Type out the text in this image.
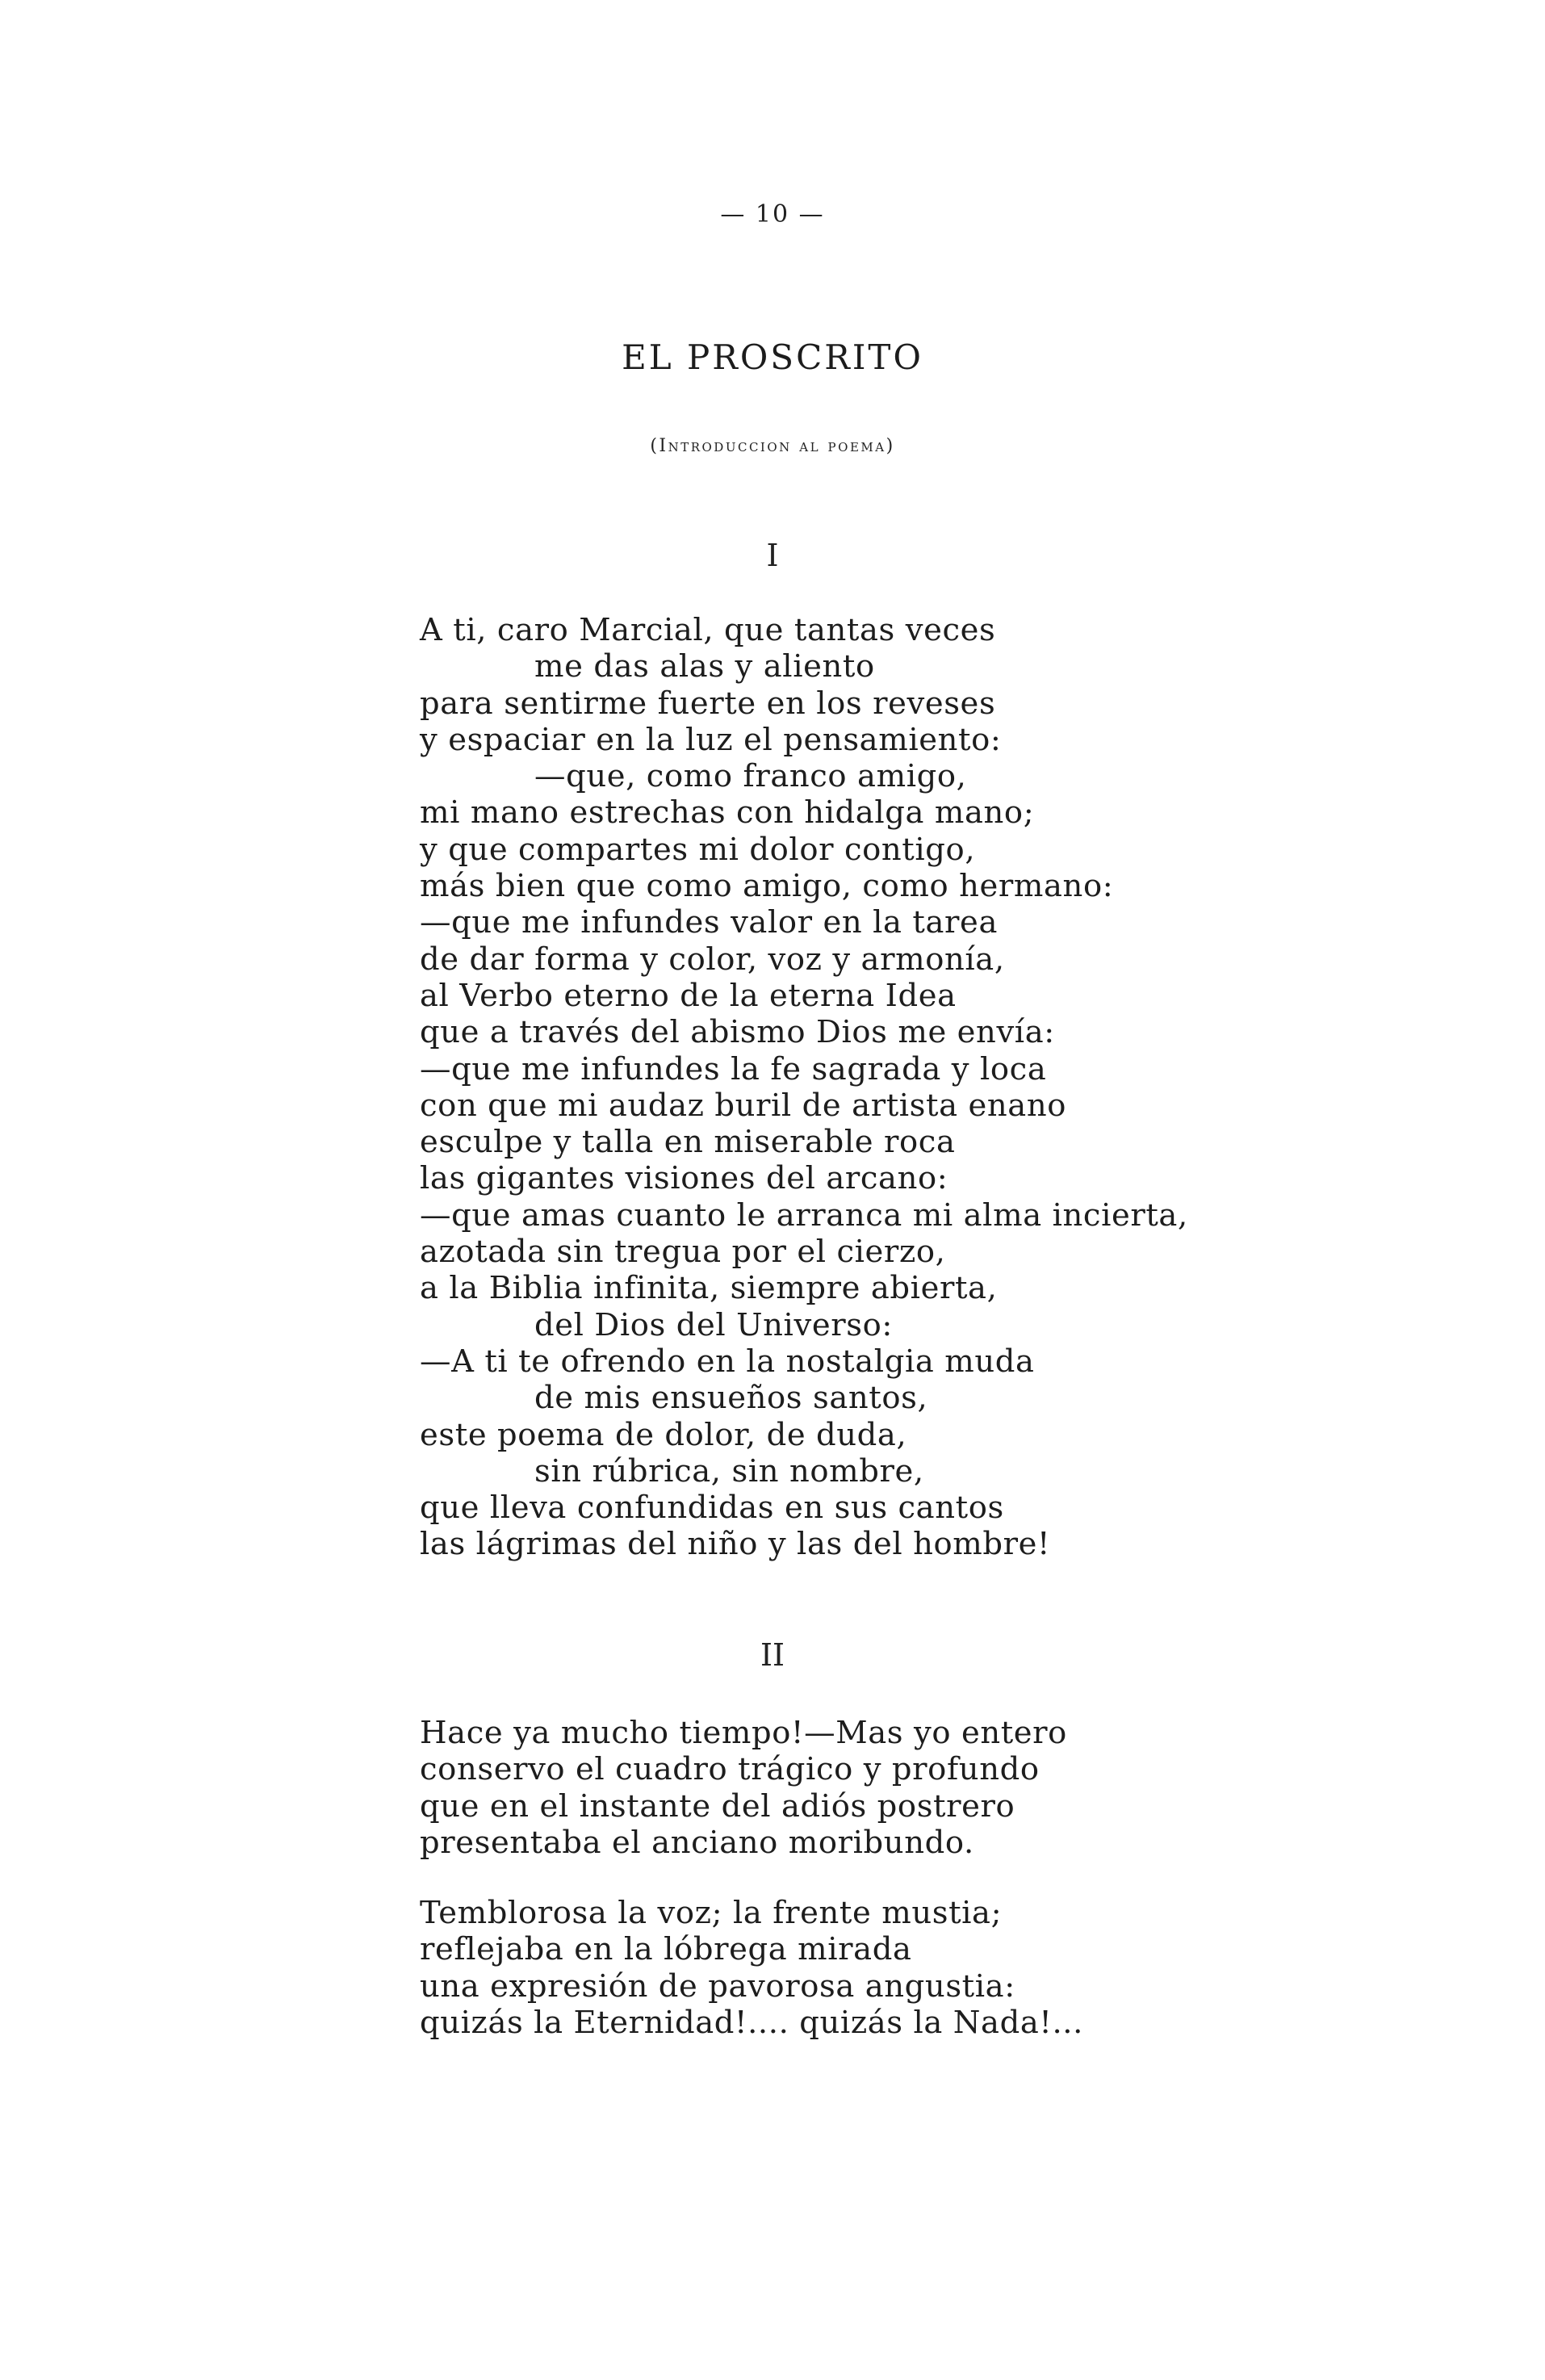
— 10 —
EL PROSCRITO
(Introduccion al poema)
I
A ti, caro Marcial, que tantas veces
me das alas y aliento
para sentirme fuerte en los reveses
y espaciar en la luz el pensamiento:
—que, como franco amigo,
mi mano estrechas con hidalga mano;
y que compartes mi dolor contigo,
más bien que como amigo, como hermano:
—que me infundes valor en la tarea
de dar forma y color, voz y armonía,
al Verbo eterno de la eterna Idea
que a través del abismo Dios me envía:
—que me infundes la fe sagrada y loca
con que mi audaz buril de artista enano
esculpe y talla en miserable roca
las gigantes visiones del arcano:
—que amas cuanto le arranca mi alma incierta,
azotada sin tregua por el cierzo,
a la Biblia infinita, siempre abierta,
del Dios del Universo:
—A ti te ofrendo en la nostalgia muda
de mis ensueños santos,
este poema de dolor, de duda,
sin rúbrica, sin nombre,
que lleva confundidas en sus cantos
las lágrimas del niño y las del hombre!
II
Hace ya mucho tiempo!—Mas yo entero
conservo el cuadro trágico y profundo
que en el instante del adiós postrero
presentaba el anciano moribundo.
Temblorosa la voz; la frente mustia;
reflejaba en la lóbrega mirada
una expresión de pavorosa angustia:
quizás la Eternidad!.... quizás la Nada!...
